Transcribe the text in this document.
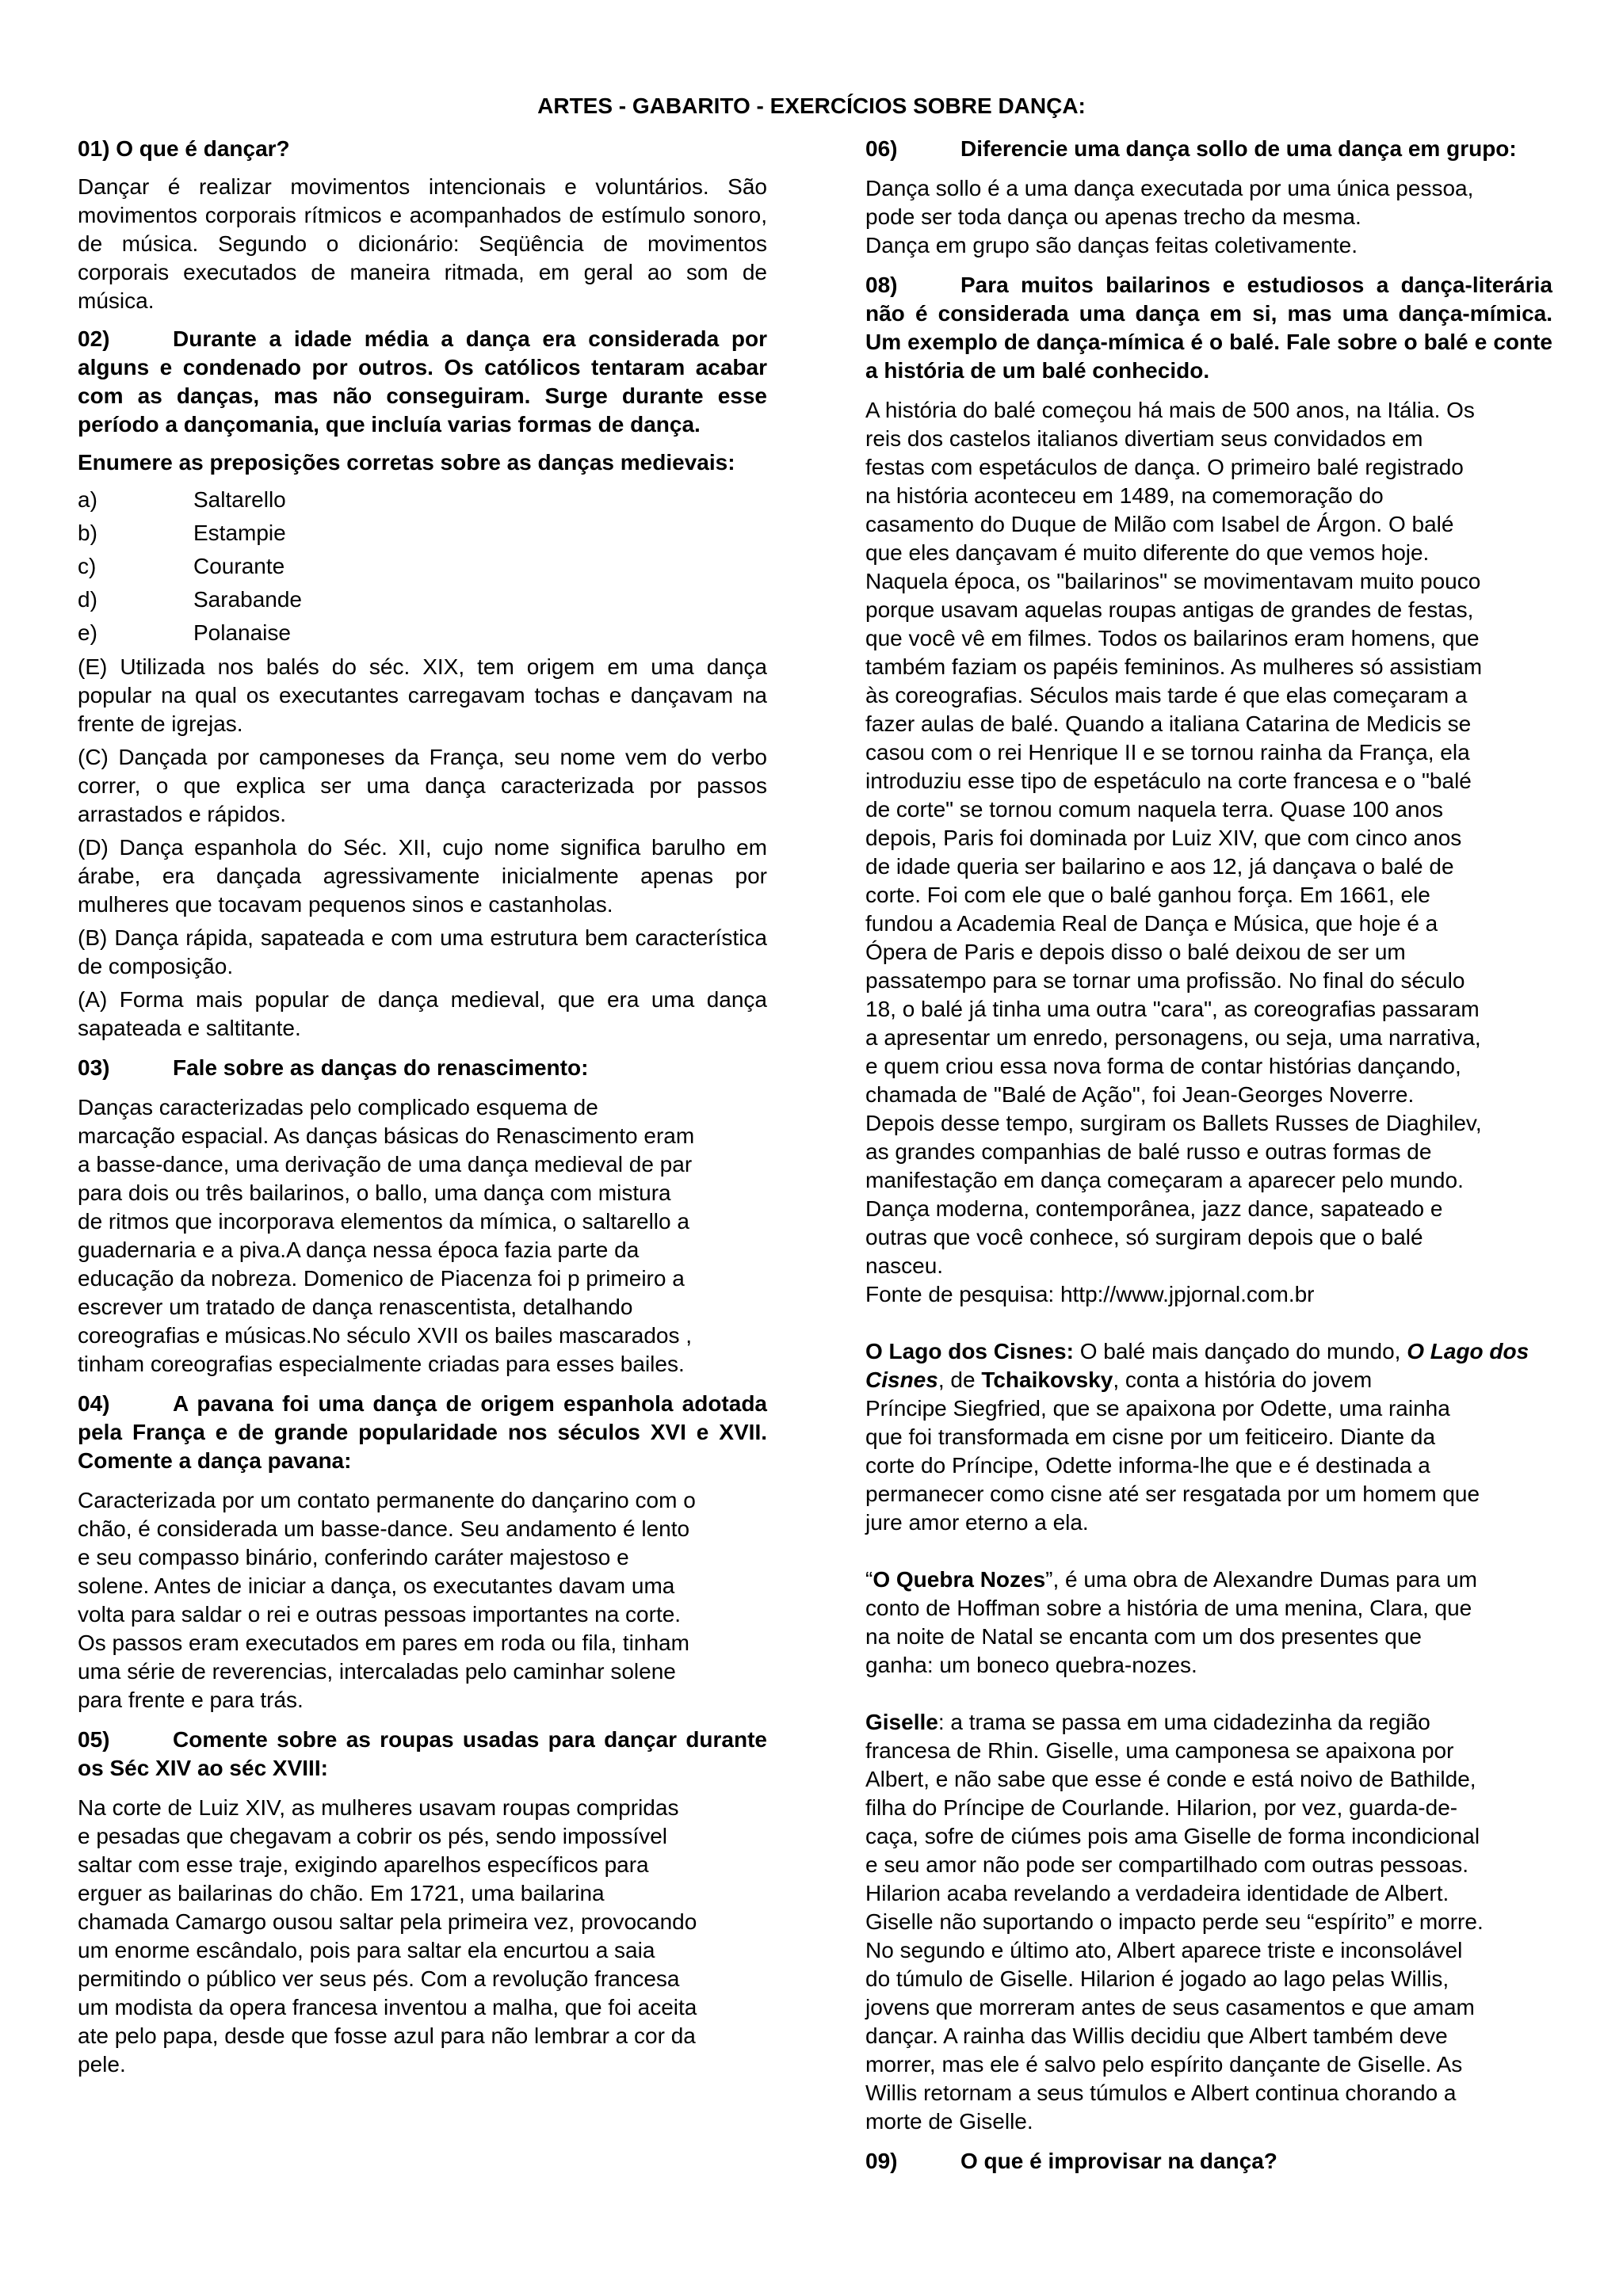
ARTES - GABARITO - EXERCÍCIOS SOBRE DANÇA:

01) O que é dançar?

Dançar é realizar movimentos intencionais e voluntários. São movimentos corporais rítmicos e acompanhados de estímulo sonoro, de música. Segundo o dicionário: Seqüência de movimentos corporais executados de maneira ritmada, em geral ao som de música.

02)	Durante a idade média a dança era considerada por alguns e condenado por outros. Os católicos tentaram acabar com as danças, mas não conseguiram. Surge durante esse período a dançomania, que incluía varias formas de dança.

Enumere as preposições corretas sobre as danças medievais:

a)	Saltarello
b)	Estampie
c)	Courante
d)	Sarabande
e)	Polanaise

(E) Utilizada nos balés do séc. XIX, tem origem em uma dança popular na qual os executantes carregavam tochas e dançavam na frente de igrejas.

(C) Dançada por camponeses da França, seu nome vem do verbo correr, o que explica ser uma dança caracterizada por passos arrastados e rápidos.

(D) Dança espanhola do Séc. XII, cujo nome significa barulho em árabe, era dançada agressivamente inicialmente apenas por mulheres que tocavam pequenos sinos e castanholas.

(B) Dança rápida, sapateada e com uma estrutura bem característica de composição.

(A) Forma mais popular de dança medieval, que era uma dança sapateada e saltitante.

03)	Fale sobre as danças do renascimento:

Danças caracterizadas pelo complicado esquema de
marcação espacial. As danças básicas do Renascimento eram
a basse-dance, uma derivação de uma dança medieval de par
para dois ou três bailarinos, o ballo, uma dança com mistura
de ritmos que incorporava elementos da mímica, o saltarello a
guadernaria e a piva.A dança nessa época fazia parte da
educação da nobreza. Domenico de Piacenza foi p primeiro a
escrever um tratado de dança renascentista, detalhando
coreografias e músicas.No século XVII os bailes mascarados ,
tinham coreografias especialmente criadas para esses bailes.

04)	A pavana foi uma dança de origem espanhola adotada pela França e de grande popularidade nos séculos XVI e XVII. Comente a dança pavana:

Caracterizada por um contato permanente do dançarino com o
chão, é considerada um basse-dance. Seu andamento é lento
e seu compasso binário, conferindo caráter majestoso e
solene. Antes de iniciar a dança, os executantes davam uma
volta para saldar o rei e outras pessoas importantes na corte.
Os passos eram executados em pares em roda ou fila, tinham
uma série de reverencias, intercaladas pelo caminhar solene
para frente e para trás.

05)	Comente sobre as roupas usadas para dançar durante os Séc XIV ao séc XVIII:

Na corte de Luiz XIV, as mulheres usavam roupas compridas
e pesadas que chegavam a cobrir os pés, sendo impossível
saltar com esse traje, exigindo aparelhos específicos para
erguer as bailarinas do chão. Em 1721, uma bailarina
chamada Camargo ousou saltar pela primeira vez, provocando
um enorme escândalo, pois para saltar ela encurtou a saia
permitindo o público ver seus pés. Com a revolução francesa
um modista da opera francesa inventou a malha, que foi aceita
ate pelo papa, desde que fosse azul para não lembrar a cor da
pele.

06)	Diferencie uma dança sollo de uma dança em grupo:

Dança sollo é a uma dança executada por uma única pessoa,
pode ser toda dança ou apenas trecho da mesma.
Dança em grupo são danças feitas coletivamente.

08)	Para muitos bailarinos e estudiosos a dança-literária não é considerada uma dança em si, mas uma dança-mímica. Um exemplo de dança-mímica é o balé. Fale sobre o balé e conte a história de um balé conhecido.

A história do balé começou há mais de 500 anos, na Itália. Os
reis dos castelos italianos divertiam seus convidados em
festas com espetáculos de dança. O primeiro balé registrado
na história aconteceu em 1489, na comemoração do
casamento do Duque de Milão com Isabel de Árgon. O balé
que eles dançavam é muito diferente do que vemos hoje.
Naquela época, os "bailarinos" se movimentavam muito pouco
porque usavam aquelas roupas antigas de grandes de festas,
que você vê em filmes. Todos os bailarinos eram homens, que
também faziam os papéis femininos. As mulheres só assistiam
às coreografias. Séculos mais tarde é que elas começaram a
fazer aulas de balé. Quando a italiana Catarina de Medicis se
casou com o rei Henrique II e se tornou rainha da França, ela
introduziu esse tipo de espetáculo na corte francesa e o "balé
de corte" se tornou comum naquela terra. Quase 100 anos
depois, Paris foi dominada por Luiz XIV, que com cinco anos
de idade queria ser bailarino e aos 12, já dançava o balé de
corte. Foi com ele que o balé ganhou força. Em 1661, ele
fundou a Academia Real de Dança e Música, que hoje é a
Ópera de Paris e depois disso o balé deixou de ser um
passatempo para se tornar uma profissão. No final do século
18, o balé já tinha uma outra "cara", as coreografias passaram
a apresentar um enredo, personagens, ou seja, uma narrativa,
e quem criou essa nova forma de contar histórias dançando,
chamada de "Balé de Ação", foi Jean-Georges Noverre.
Depois desse tempo, surgiram os Ballets Russes de Diaghilev,
as grandes companhias de balé russo e outras formas de
manifestação em dança começaram a aparecer pelo mundo.
Dança moderna, contemporânea, jazz dance, sapateado e
outras que você conhece, só surgiram depois que o balé
nasceu.

Fonte de pesquisa: http://www.jpjornal.com.br

O Lago dos Cisnes: O balé mais dançado do mundo, O Lago dos Cisnes, de Tchaikovsky, conta a história do jovem
Príncipe Siegfried, que se apaixona por Odette, uma rainha
que foi transformada em cisne por um feiticeiro. Diante da
corte do Príncipe, Odette informa-lhe que e é destinada a
permanecer como cisne até ser resgatada por um homem que
jure amor eterno a ela.

“O Quebra Nozes”, é uma obra de Alexandre Dumas para um
conto de Hoffman sobre a história de uma menina, Clara, que
na noite de Natal se encanta com um dos presentes que
ganha: um boneco quebra-nozes.

Giselle: a trama se passa em uma cidadezinha da região
francesa de Rhin. Giselle, uma camponesa se apaixona por
Albert, e não sabe que esse é conde e está noivo de Bathilde,
filha do Príncipe de Courlande. Hilarion, por vez, guarda-de-
caça, sofre de ciúmes pois ama Giselle de forma incondicional
e seu amor não pode ser compartilhado com outras pessoas.
Hilarion acaba revelando a verdadeira identidade de Albert.
Giselle não suportando o impacto perde seu “espírito” e morre.
No segundo e último ato, Albert aparece triste e inconsolável
do túmulo de Giselle. Hilarion é jogado ao lago pelas Willis,
jovens que morreram antes de seus casamentos e que amam
dançar. A rainha das Willis decidiu que Albert também deve
morrer, mas ele é salvo pelo espírito dançante de Giselle. As
Willis retornam a seus túmulos e Albert continua chorando a
morte de Giselle.

09)	O que é improvisar na dança?
